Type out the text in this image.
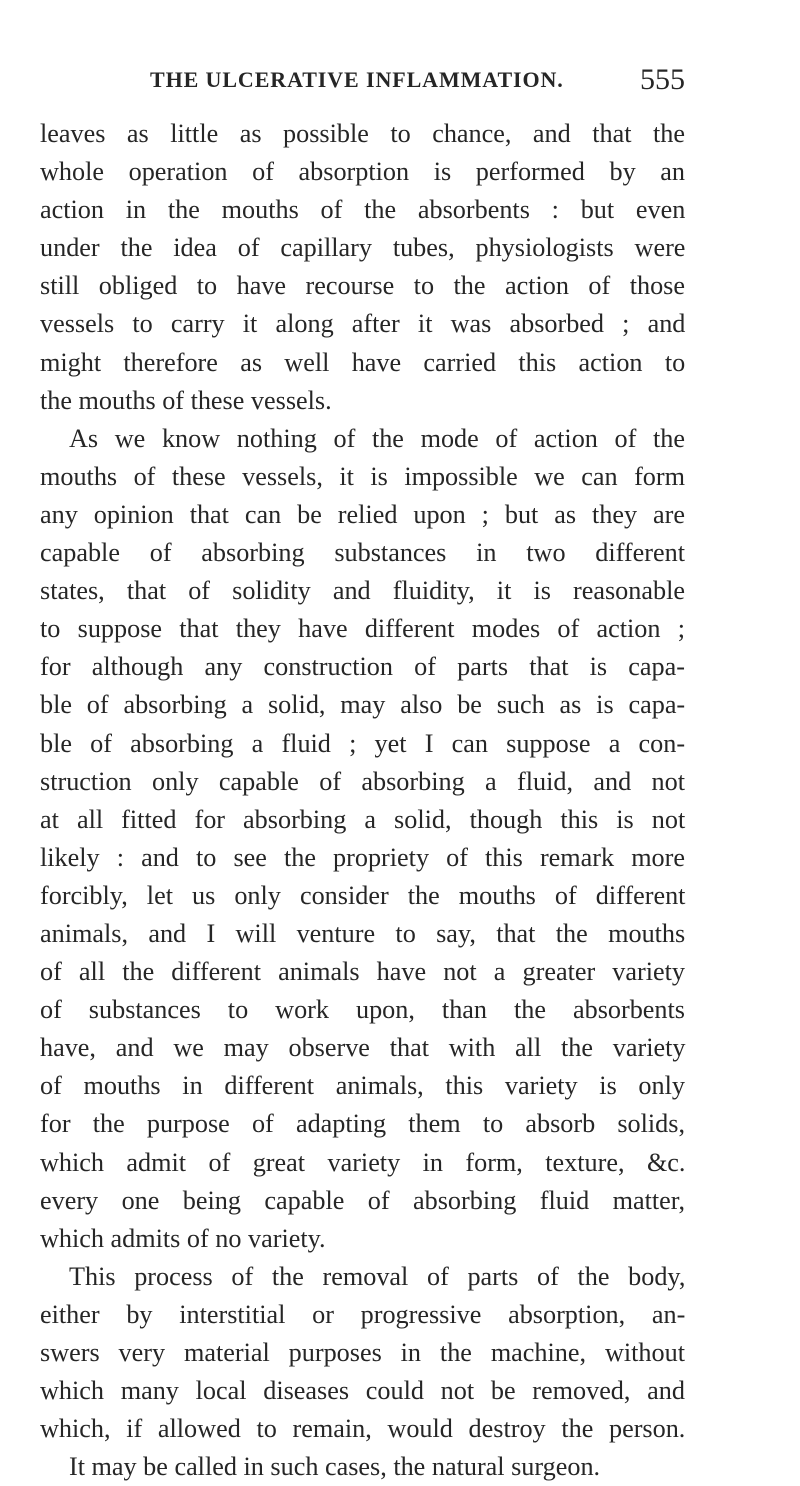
THE ULCERATIVE INFLAMMATION.	555
leaves as little as possible to chance, and that the
whole operation of absorption is performed by an
action in the mouths of the absorbents : but even
under the idea of capillary tubes, physiologists were
still obliged to have recourse to the action of those
vessels to carry it along after it was absorbed ; and
might therefore as well have carried this action to
the mouths of these vessels.
As we know nothing of the mode of action of the
mouths of these vessels, it is impossible we can form
any opinion that can be relied upon ; but as they are
capable of absorbing substances in two different
states, that of solidity and fluidity, it is reasonable
to suppose that they have different modes of action ;
for although any construction of parts that is capa-
ble of absorbing a solid, may also be such as is capa-
ble of absorbing a fluid ; yet I can suppose a con-
struction only capable of absorbing a fluid, and not
at all fitted for absorbing a solid, though this is not
likely : and to see the propriety of this remark more
forcibly, let us only consider the mouths of different
animals, and I will venture to say, that the mouths
of all the different animals have not a greater variety
of substances to work upon, than the absorbents
have, and we may observe that with all the variety
of mouths in different animals, this variety is only
for the purpose of adapting them to absorb solids,
which admit of great variety in form, texture, &c.
every one being capable of absorbing fluid matter,
which admits of no variety.
This process of the removal of parts of the body,
either by interstitial or progressive absorption, an-
swers very material purposes in the machine, without
which many local diseases could not be removed, and
which, if allowed to remain, would destroy the person.
It may be called in such cases, the natural surgeon.
